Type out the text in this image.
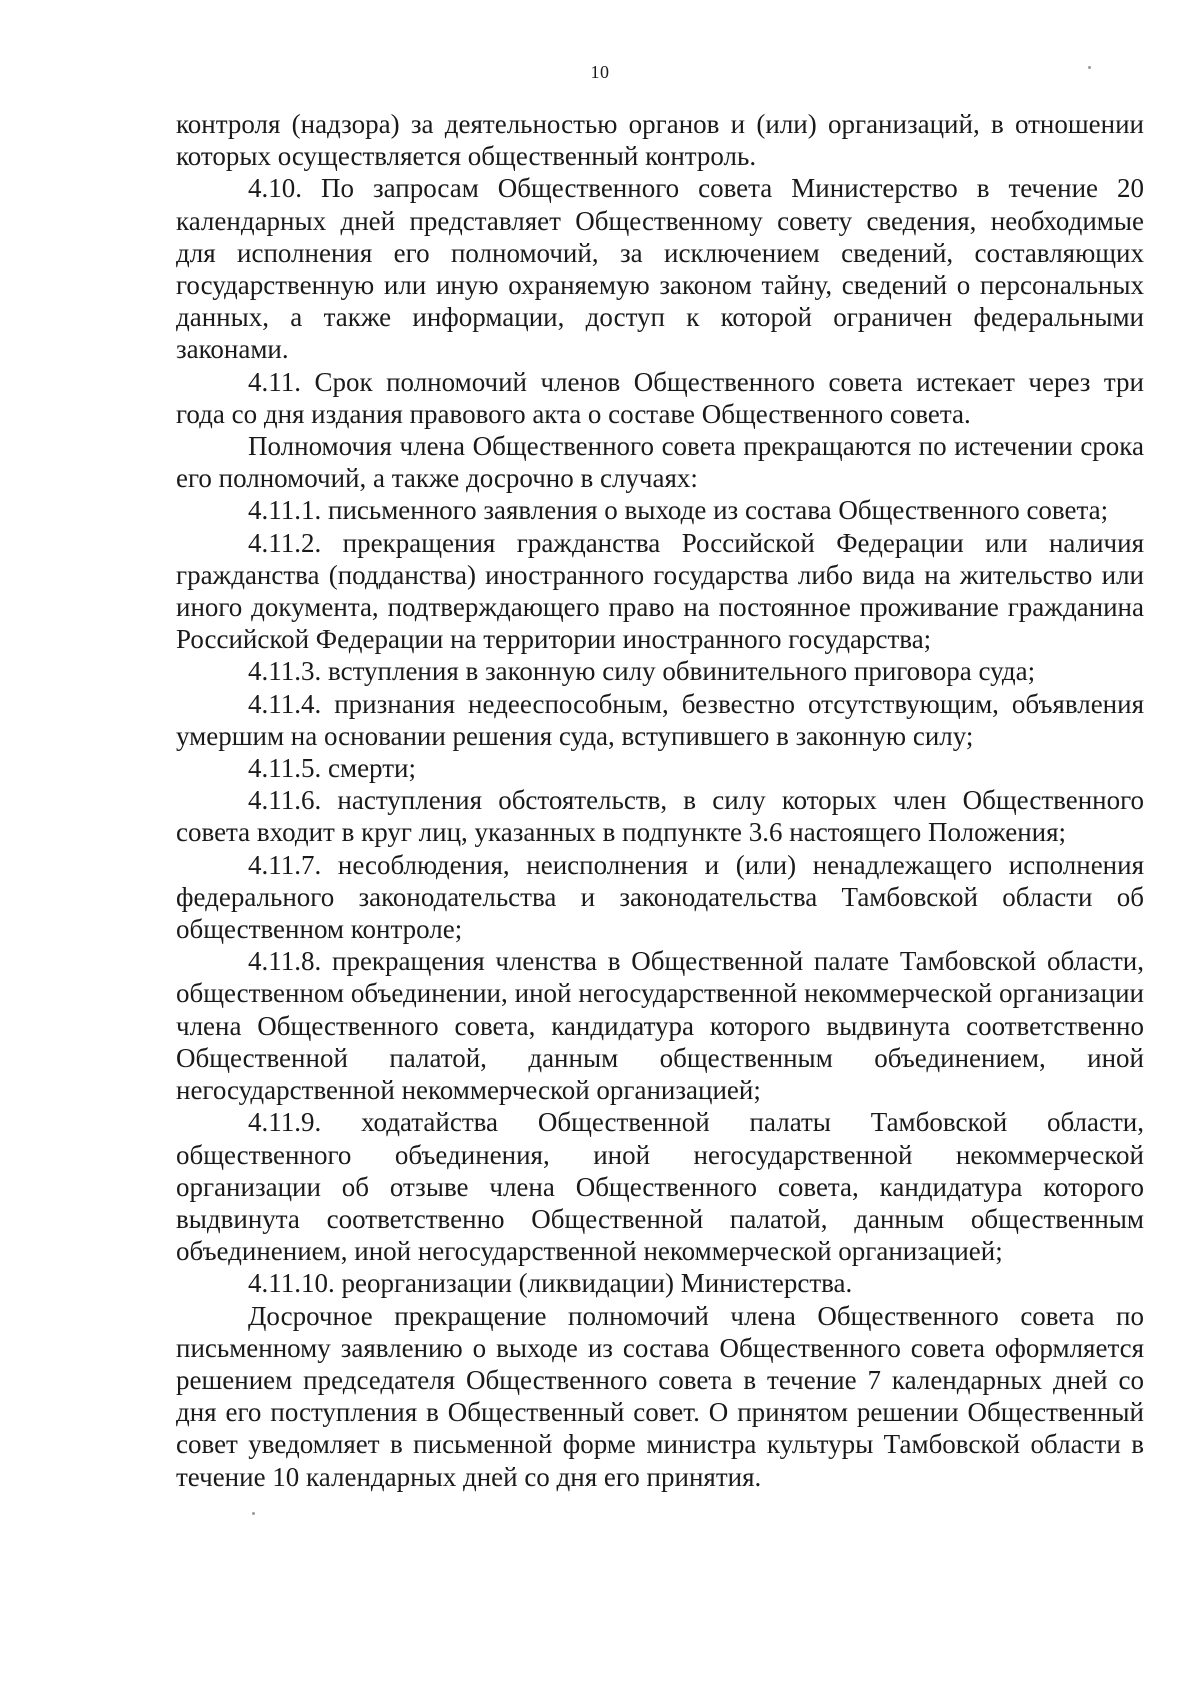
10

контроля (надзора) за деятельностью органов и (или) организаций, в отношении которых осуществляется общественный контроль.

4.10. По запросам Общественного совета Министерство в течение 20 календарных дней представляет Общественному совету сведения, необходимые для исполнения его полномочий, за исключением сведений, составляющих государственную или иную охраняемую законом тайну, сведений о персональных данных, а также информации, доступ к которой ограничен федеральными законами.

4.11. Срок полномочий членов Общественного совета истекает через три года со дня издания правового акта о составе Общественного совета.

Полномочия члена Общественного совета прекращаются по истечении срока его полномочий, а также досрочно в случаях:

4.11.1. письменного заявления о выходе из состава Общественного совета;

4.11.2. прекращения гражданства Российской Федерации или наличия гражданства (подданства) иностранного государства либо вида на жительство или иного документа, подтверждающего право на постоянное проживание гражданина Российской Федерации на территории иностранного государства;

4.11.3. вступления в законную силу обвинительного приговора суда;

4.11.4. признания недееспособным, безвестно отсутствующим, объявления умершим на основании решения суда, вступившего в законную силу;

4.11.5. смерти;

4.11.6. наступления обстоятельств, в силу которых член Общественного совета входит в круг лиц, указанных в подпункте 3.6 настоящего Положения;

4.11.7. несоблюдения, неисполнения и (или) ненадлежащего исполнения федерального законодательства и законодательства Тамбовской области об общественном контроле;

4.11.8. прекращения членства в Общественной палате Тамбовской области, общественном объединении, иной негосударственной некоммерческой организации члена Общественного совета, кандидатура которого выдвинута соответственно Общественной палатой, данным общественным объединением, иной негосударственной некоммерческой организацией;

4.11.9. ходатайства Общественной палаты Тамбовской области, общественного объединения, иной негосударственной некоммерческой организации об отзыве члена Общественного совета, кандидатура которого выдвинута соответственно Общественной палатой, данным общественным объединением, иной негосударственной некоммерческой организацией;

4.11.10. реорганизации (ликвидации) Министерства.

Досрочное прекращение полномочий члена Общественного совета по письменному заявлению о выходе из состава Общественного совета оформляется решением председателя Общественного совета в течение 7 календарных дней со дня его поступления в Общественный совет. О принятом решении Общественный совет уведомляет в письменной форме министра культуры Тамбовской области в течение 10 календарных дней со дня его принятия.
